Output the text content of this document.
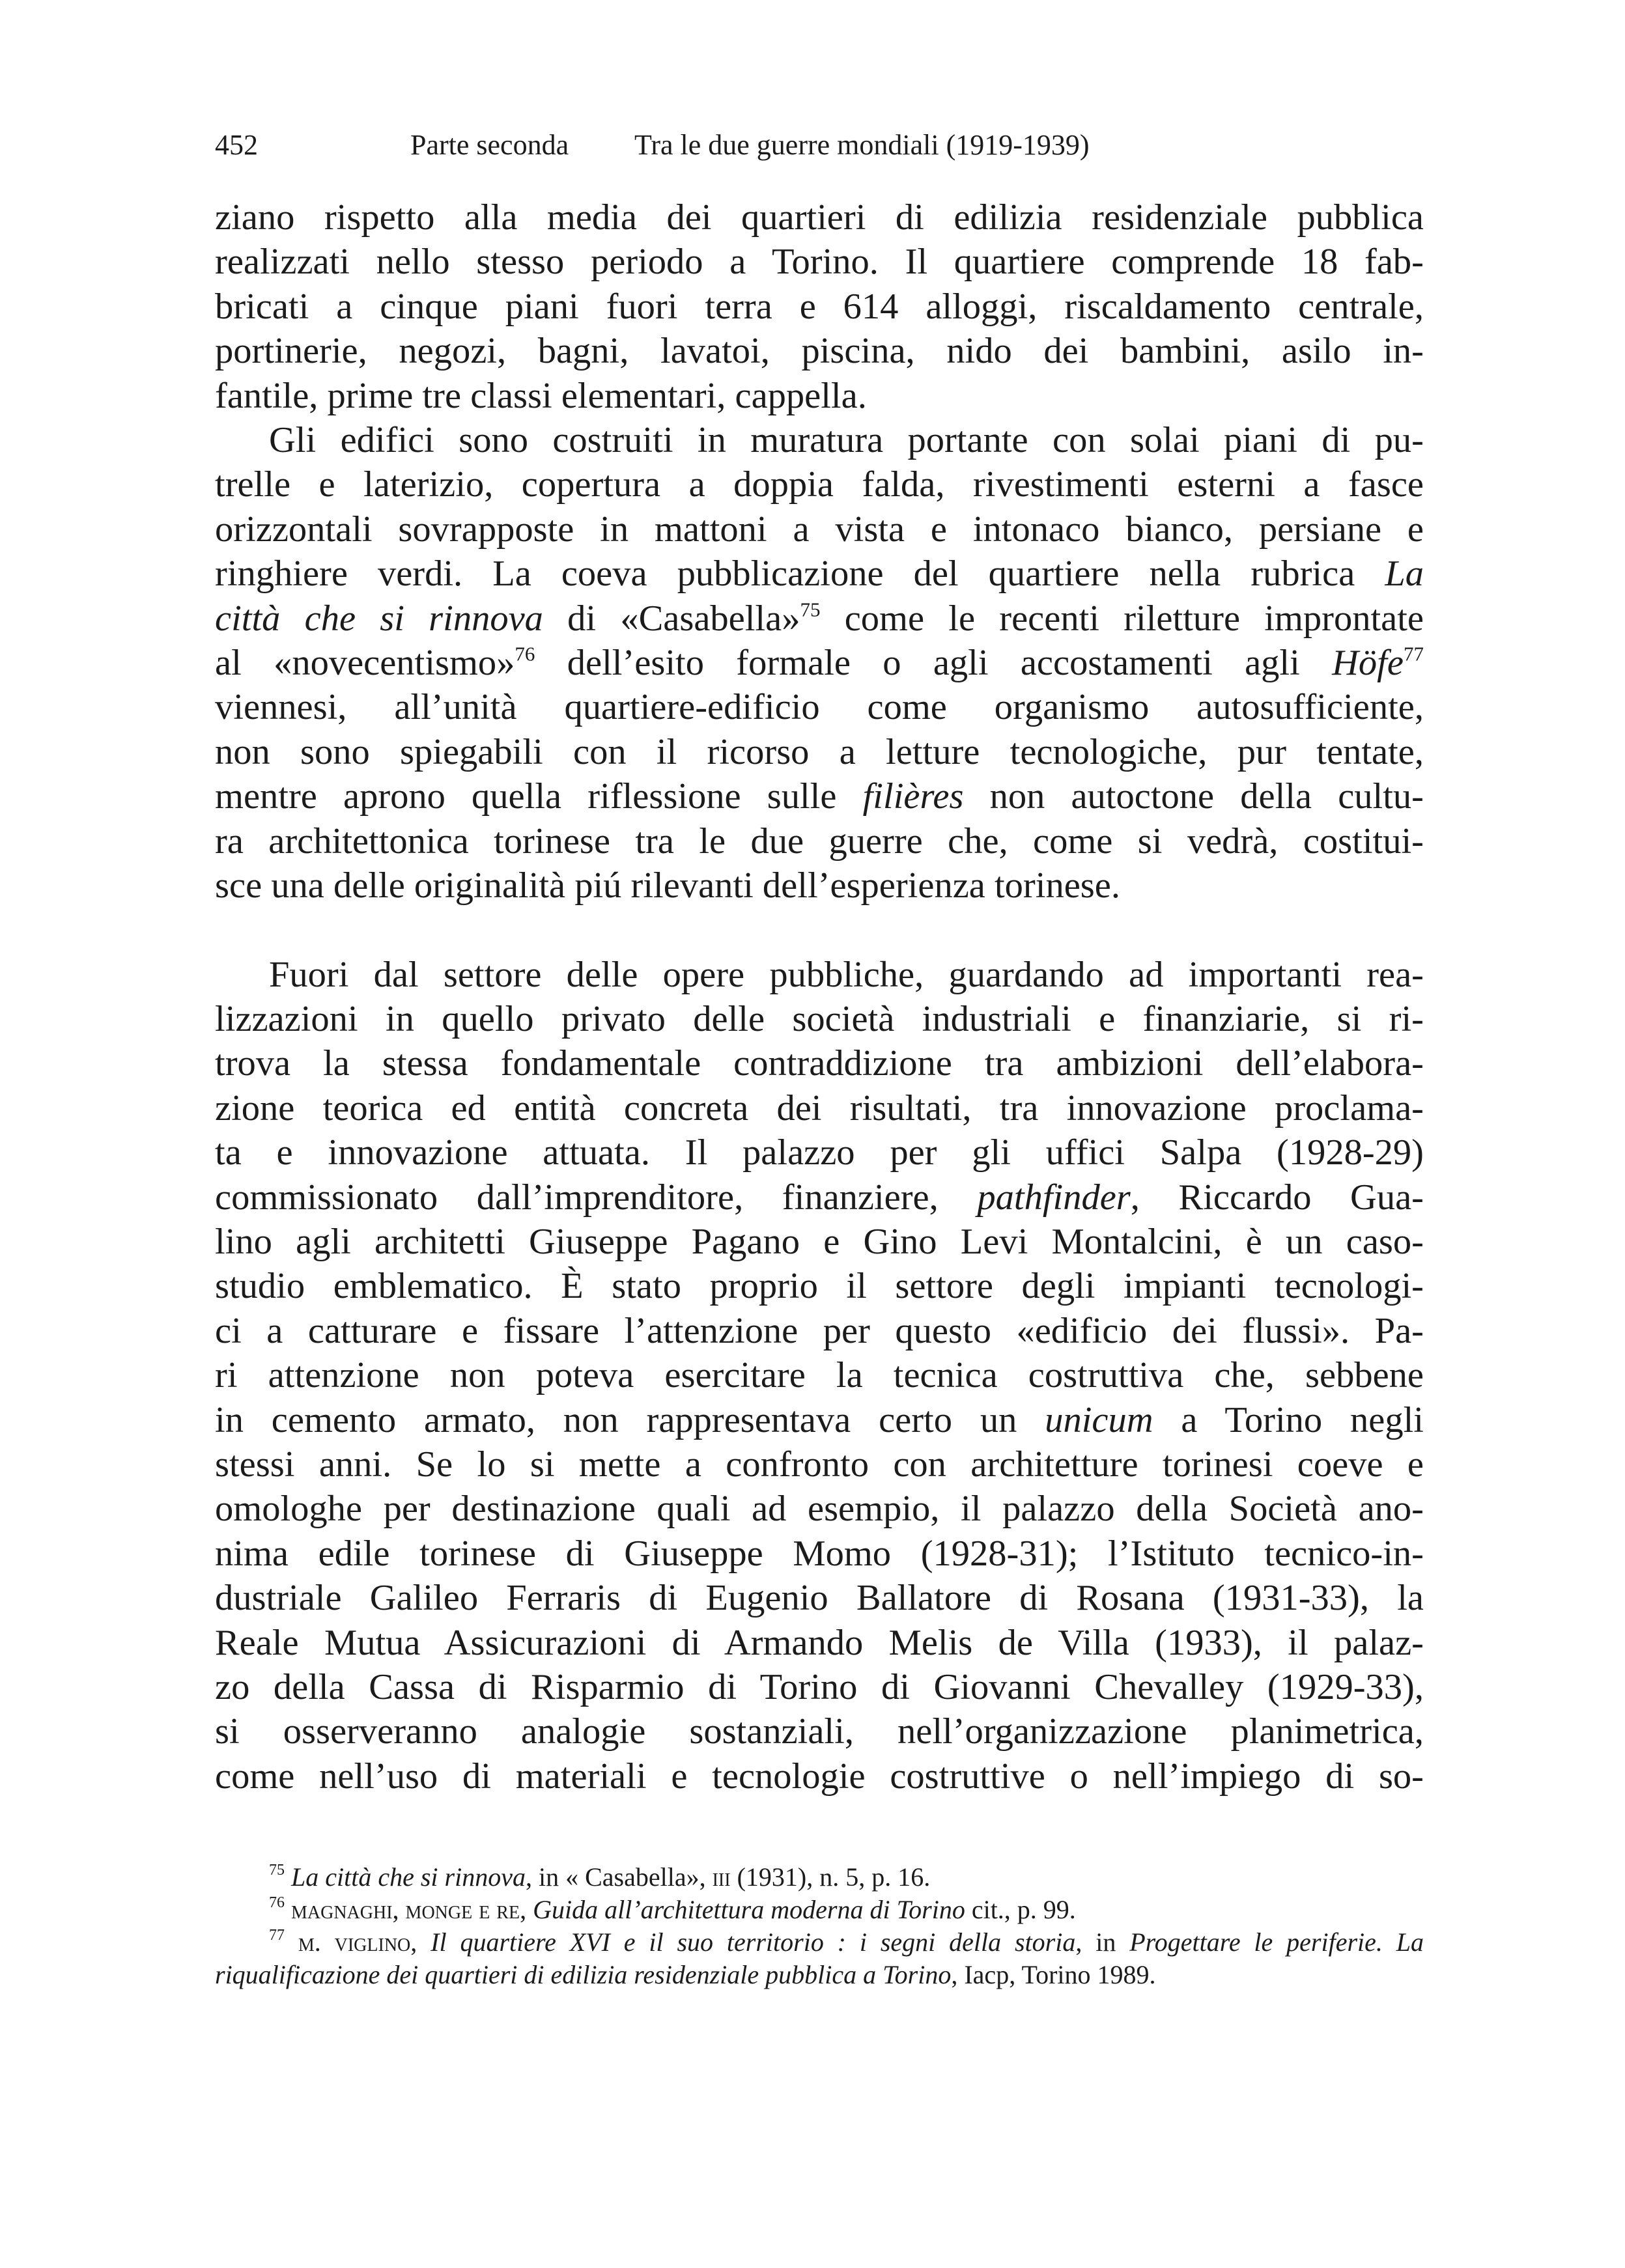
452	Parte seconda Tra le due guerre mondiali (1919-1939)
ziano rispetto alla media dei quartieri di edilizia residenziale pubblica
realizzati nello stesso periodo a Torino. Il quartiere comprende 18 fab-
bricati a cinque piani fuori terra e 614 alloggi, riscaldamento centrale,
portinerie, negozi, bagni, lavatoi, piscina, nido dei bambini, asilo in-
fantile, prime tre classi elementari, cappella.
Gli edifici sono costruiti in muratura portante con solai piani di pu-
trelle e laterizio, copertura a doppia falda, rivestimenti esterni a fasce
orizzontali sovrapposte in mattoni a vista e intonaco bianco, persiane e
ringhiere verdi. La coeva pubblicazione del quartiere nella rubrica La
città che si rinnova di «Casabella»$^{75}$ come le recenti riletture improntate
al «novecentismo»$^{76}$ dell’esito formale o agli accostamenti agli Höfe$^{77}$
viennesi, all’unità quartiere-edificio come organismo autosufficiente,
non sono spiegabili con il ricorso a letture tecnologiche, pur tentate,
mentre aprono quella riflessione sulle filières non autoctone della cultu-
ra architettonica torinese tra le due guerre che, come si vedrà, costitui-
sce una delle originalità piú rilevanti dell’esperienza torinese.
Fuori dal settore delle opere pubbliche, guardando ad importanti rea-
lizzazioni in quello privato delle società industriali e finanziarie, si ri-
trova la stessa fondamentale contraddizione tra ambizioni dell’elabora-
zione teorica ed entità concreta dei risultati, tra innovazione proclama-
ta e innovazione attuata. Il palazzo per gli uffici Salpa (1928-29)
commissionato dall’imprenditore, finanziere, pathfinder, Riccardo Gua-
lino agli architetti Giuseppe Pagano e Gino Levi Montalcini, è un caso-
studio emblematico. È stato proprio il settore degli impianti tecnologi-
ci a catturare e fissare l’attenzione per questo «edificio dei flussi». Pa-
ri attenzione non poteva esercitare la tecnica costruttiva che, sebbene
in cemento armato, non rappresentava certo un unicum a Torino negli
stessi anni. Se lo si mette a confronto con architetture torinesi coeve e
omologhe per destinazione quali ad esempio, il palazzo della Società ano-
nima edile torinese di Giuseppe Momo (1928-31); l’Istituto tecnico-in-
dustriale Galileo Ferraris di Eugenio Ballatore di Rosana (1931-33), la
Reale Mutua Assicurazioni di Armando Melis de Villa (1933), il palaz-
zo della Cassa di Risparmio di Torino di Giovanni Chevalley (1929-33),
si osserveranno analogie sostanziali, nell’organizzazione planimetrica,
come nell’uso di materiali e tecnologie costruttive o nell’impiego di so-

$^{75}$ La città che si rinnova, in « Casabella», iii (1931), n. 5, p. 16.

$^{76}$ magnaghi, monge e re, Guida all’architettura moderna di Torino cit., p. 99.

$^{77}$ m. viglino, Il quartiere XVI e il suo territorio : i segni della storia, in Progettare le periferie. La riqualificazione dei quartieri di edilizia residenziale pubblica a Torino, Iacp, Torino 1989.
